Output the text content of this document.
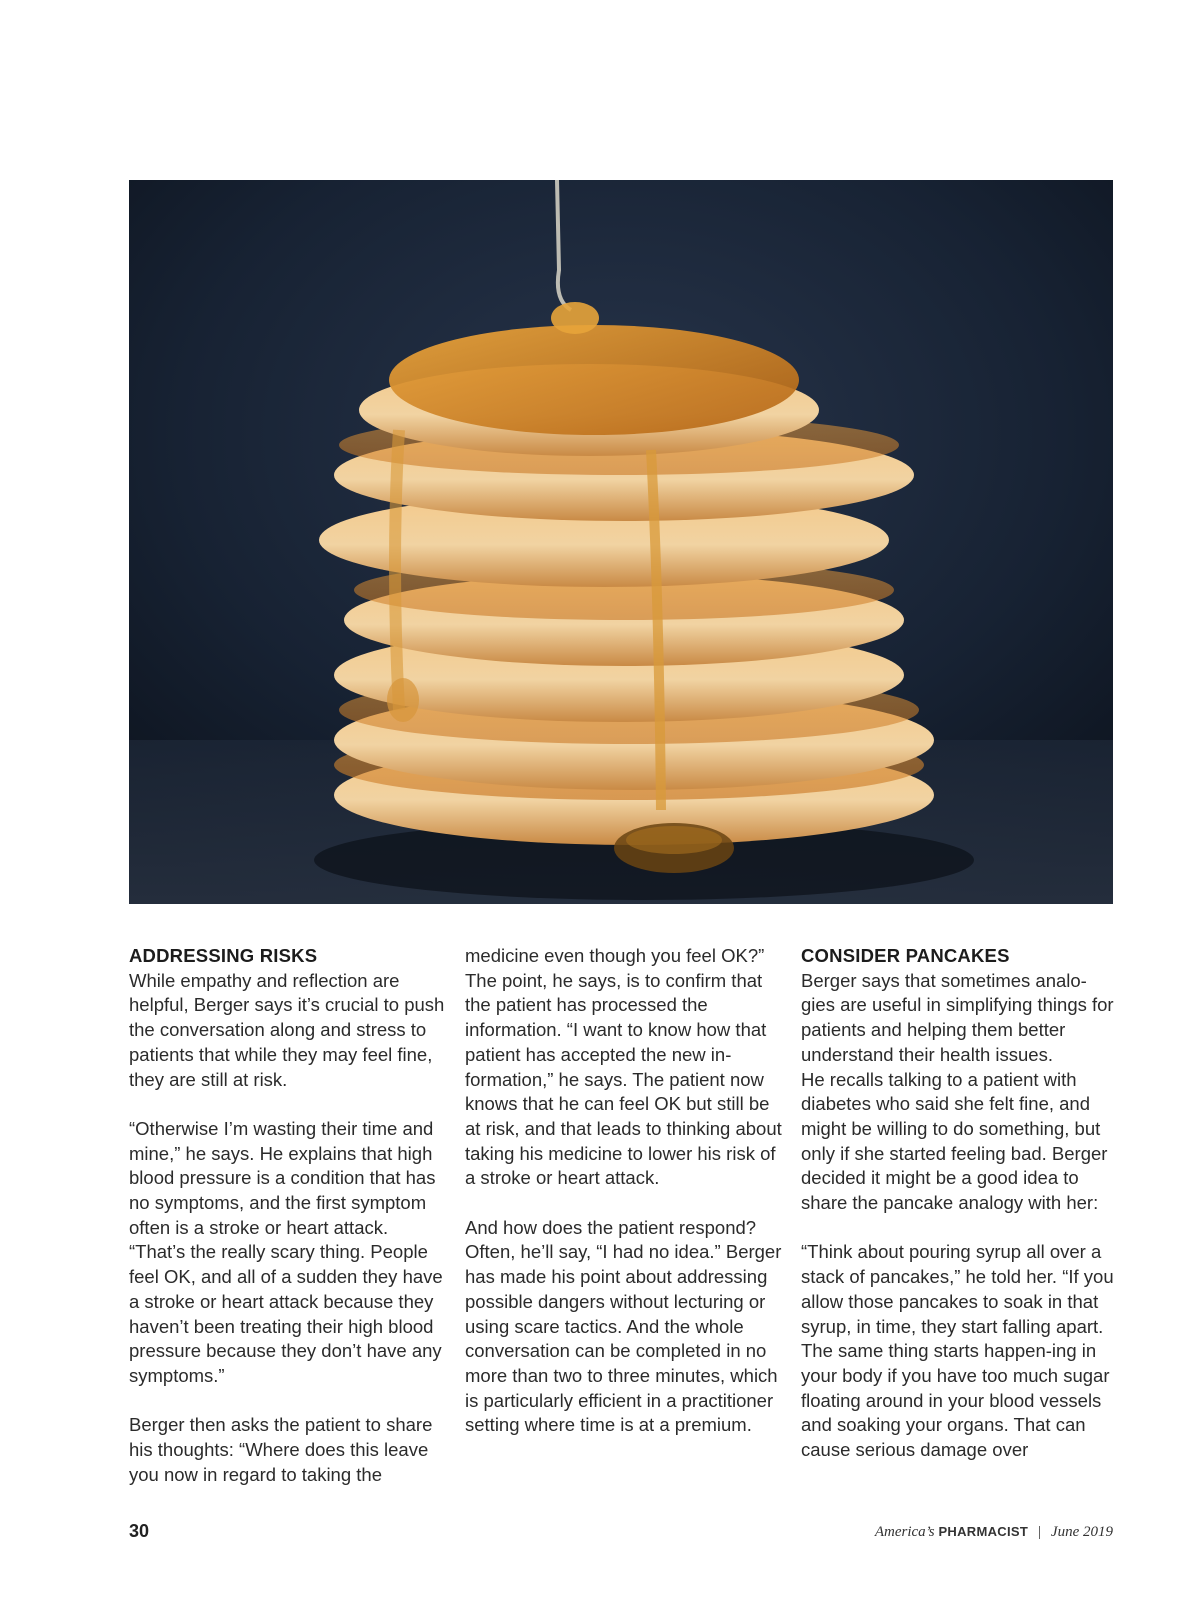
ADDRESSING RISKS

While empathy and reflection are helpful, Berger says it’s crucial to push the conversation along and stress to patients that while they may feel fine, they are still at risk.

“Otherwise I’m wasting their time and mine,” he says. He explains that high blood pressure is a condition that has no symptoms, and the first symptom often is a stroke or heart attack. “That’s the really scary thing. People feel OK, and all of a sudden they have a stroke or heart attack because they haven’t been treating their high blood pressure because they don’t have any symptoms.”

Berger then asks the patient to share his thoughts: “Where does this leave you now in regard to taking the

medicine even though you feel OK?” The point, he says, is to confirm that the patient has processed the information. “I want to know how that patient has accepted the new in-formation,” he says. The patient now knows that he can feel OK but still be at risk, and that leads to thinking about taking his medicine to lower his risk of a stroke or heart attack.

And how does the patient respond? Often, he’ll say, “I had no idea.” Berger has made his point about addressing possible dangers without lecturing or using scare tactics. And the whole conversation can be completed in no more than two to three minutes, which is particularly efficient in a practitioner setting where time is at a premium.

CONSIDER PANCAKES

Berger says that sometimes analo-gies are useful in simplifying things for patients and helping them better understand their health issues.

He recalls talking to a patient with diabetes who said she felt fine, and might be willing to do something, but only if she started feeling bad. Berger decided it might be a good idea to share the pancake analogy with her:

“Think about pouring syrup all over a stack of pancakes,” he told her. “If you allow those pancakes to soak in that syrup, in time, they start falling apart. The same thing starts happen-ing in your body if you have too much sugar floating around in your blood vessels and soaking your organs. That can cause serious damage over

30	America’s PHARMACIST | June 2019
